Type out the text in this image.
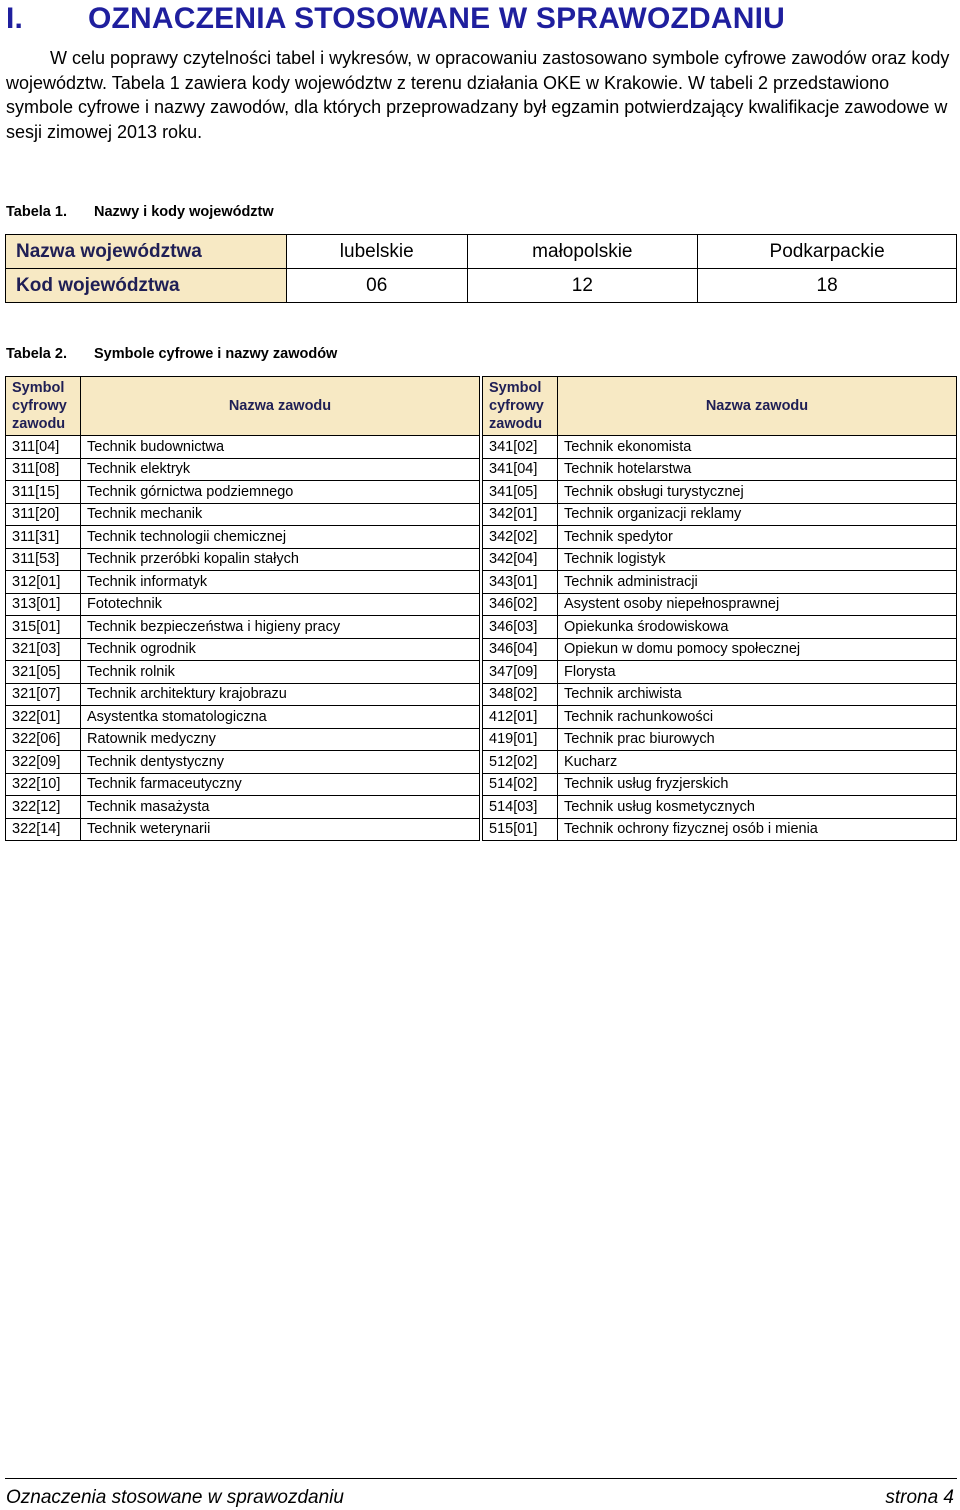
I.	OZNACZENIA STOSOWANE W SPRAWOZDANIU

W celu poprawy czytelności tabel i wykresów, w opracowaniu zastosowano symbole cyfrowe zawodów oraz kody województw. Tabela 1 zawiera kody województw z terenu działania OKE w Krakowie. W tabeli 2 przedstawiono symbole cyfrowe i nazwy zawodów, dla których przeprowadzany był egzamin potwierdzający kwalifikacje zawodowe w sesji zimowej 2013 roku.

Tabela 1.	Nazwy i kody województw
Nazwa województwa	lubelskie	małopolskie	Podkarpackie
Kod województwa	06	12	18
Tabela 2.	Symbole cyfrowe i nazwy zawodów
Symbol cyfrowy zawodu	Nazwa zawodu		Symbol cyfrowy zawodu	Nazwa zawodu
311[04]	Technik budownictwa		341[02]	Technik ekonomista
311[08]	Technik elektryk		341[04]	Technik hotelarstwa
311[15]	Technik górnictwa podziemnego		341[05]	Technik obsługi turystycznej
311[20]	Technik mechanik		342[01]	Technik organizacji reklamy
311[31]	Technik technologii chemicznej		342[02]	Technik spedytor
311[53]	Technik przeróbki kopalin stałych		342[04]	Technik logistyk
312[01]	Technik informatyk		343[01]	Technik administracji
313[01]	Fototechnik		346[02]	Asystent osoby niepełnosprawnej
315[01]	Technik bezpieczeństwa i higieny pracy		346[03]	Opiekunka środowiskowa
321[03]	Technik ogrodnik		346[04]	Opiekun w domu pomocy społecznej
321[05]	Technik rolnik		347[09]	Florysta
321[07]	Technik architektury krajobrazu		348[02]	Technik archiwista
322[01]	Asystentka stomatologiczna		412[01]	Technik rachunkowości
322[06]	Ratownik medyczny		419[01]	Technik prac biurowych
322[09]	Technik dentystyczny		512[02]	Kucharz
322[10]	Technik farmaceutyczny		514[02]	Technik usług fryzjerskich
322[12]	Technik masażysta		514[03]	Technik usług kosmetycznych
322[14]	Technik weterynarii		515[01]	Technik ochrony fizycznej osób i mienia
Oznaczenia stosowane w sprawozdaniu	strona 4
